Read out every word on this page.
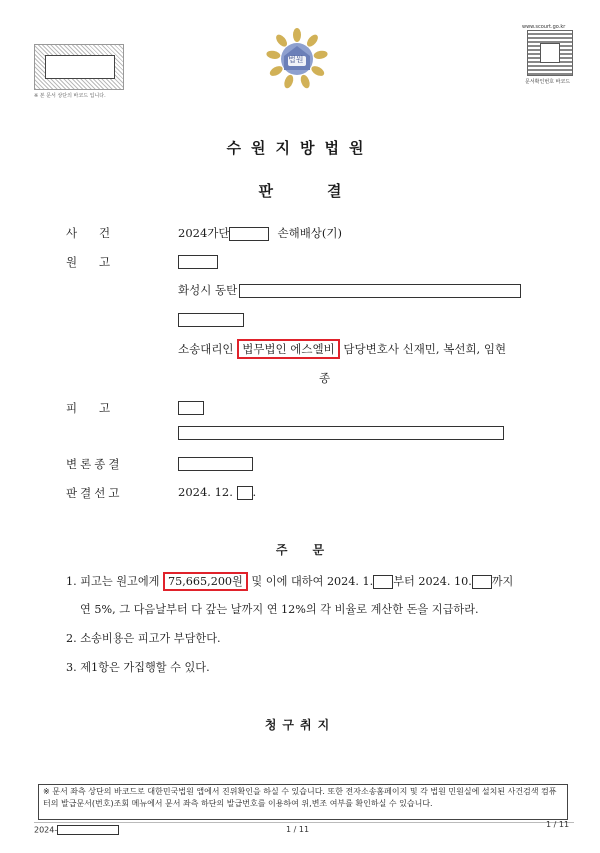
※ 본 문서 상단의 바코드 입니다.
법원
www.scourt.go.kr
문서확인번호 바코드
수원지방법원
판결
사      건	2024가단	손해배상(기)
원      고
화성시 동탄
소송대리인 법무법인 에스엘비 담당변호사 신재민, 복선희, 임현
종
피      고
변론종결
판결선고	2024. 12. .
주      문
1. 피고는 원고에게 75,665,200원 및 이에 대하여 2024. 1. 부터 2024. 10. 까지
연 5%, 그 다음날부터 다 갚는 날까지 연 12%의 각 비율로 계산한 돈을 지급하라.
2. 소송비용은 피고가 부담한다.
3. 제1항은 가집행할 수 있다.
청구취지
※ 문서 좌측 상단의 바코드로 대한민국법원 앱에서 진위확인을 하실 수 있습니다. 또한 전자소송홈페이지 및 각 법원 민원실에 설치된 사건검색 컴퓨터의 발급문서(번호)조회 메뉴에서 문서 좌측 하단의 발급번호를 이용하여 위,변조 여부를 확인하실 수 있습니다.
2024-	1 / 11
1 / 11
